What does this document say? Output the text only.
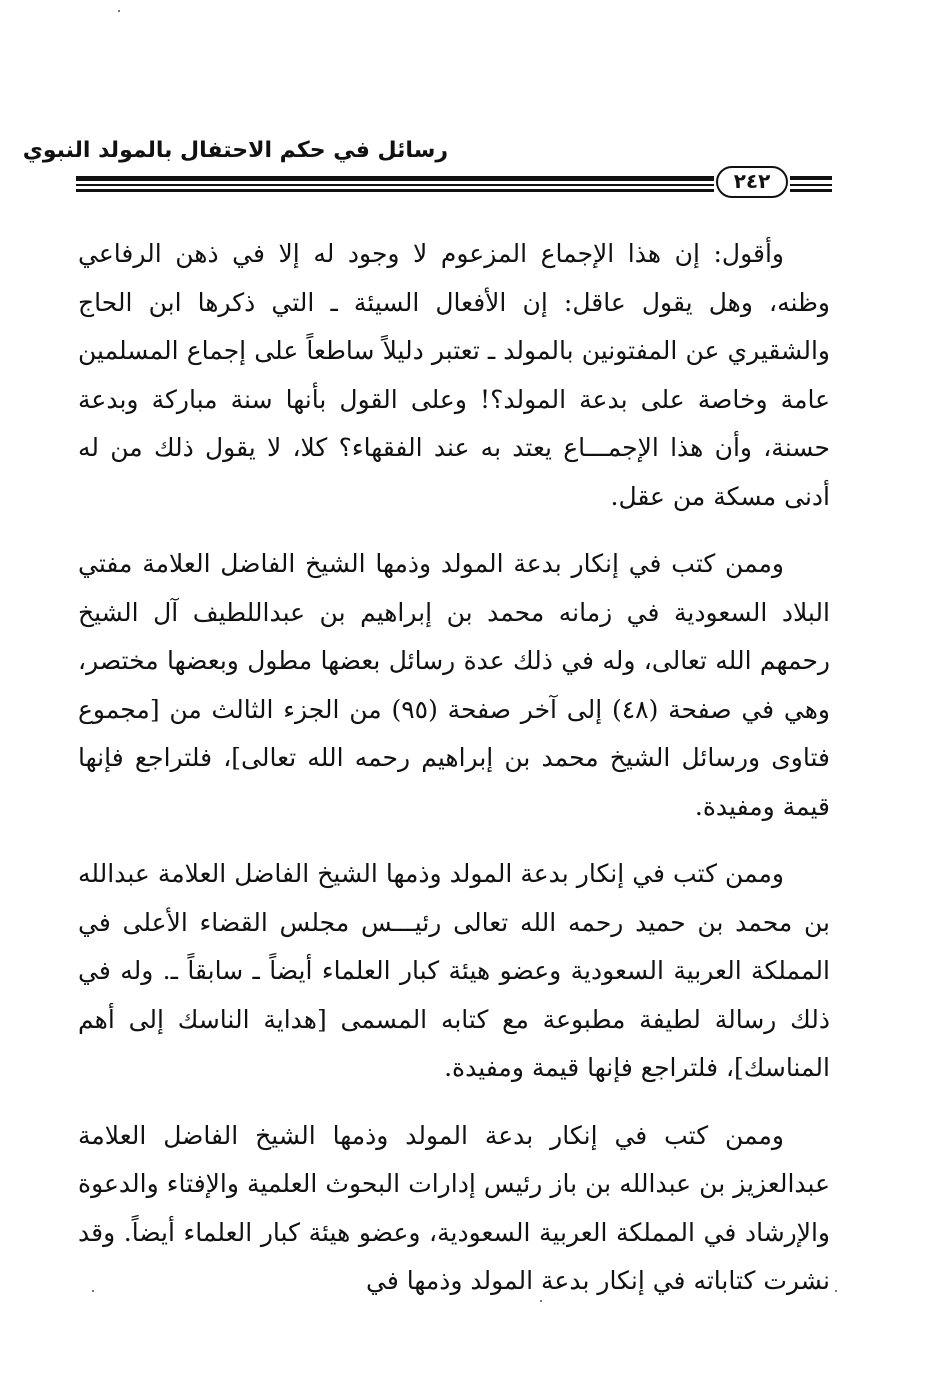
رسائل في حكم الاحتفال بالمولد النبوي
٢٤٢

وأقول: إن هذا الإجماع المزعوم لا وجود له إلا في ذهن الرفاعي وظنه، وهل يقول عاقل: إن الأفعال السيئة ـ التي ذكرها ابن الحاج والشقيري عن المفتونين بالمولد ـ تعتبر دليلاً ساطعاً على إجماع المسلمين عامة وخاصة على بدعة المولد؟! وعلى القول بأنها سنة مباركة وبدعة حسنة، وأن هذا الإجمـــاع يعتد به عند الفقهاء؟ كلا، لا يقول ذلك من له أدنى مسكة من عقل.

وممن كتب في إنكار بدعة المولد وذمها الشيخ الفاضل العلامة مفتي البلاد السعودية في زمانه محمد بن إبراهيم بن عبداللطيف آل الشيخ رحمهم الله تعالى، وله في ذلك عدة رسائل بعضها مطول وبعضها مختصر، وهي في صفحة (٤٨) إلى آخر صفحة (٩٥) من الجزء الثالث من [مجموع فتاوى ورسائل الشيخ محمد بن إبراهيم رحمه الله تعالى]، فلتراجع فإنها قيمة ومفيدة.

وممن كتب في إنكار بدعة المولد وذمها الشيخ الفاضل العلامة عبدالله بن محمد بن حميد رحمه الله تعالى رئيـــس مجلس القضاء الأعلى في المملكة العربية السعودية وعضو هيئة كبار العلماء أيضاً ـ سابقاً ـ. وله في ذلك رسالة لطيفة مطبوعة مع كتابه المسمى [هداية الناسك إلى أهم المناسك]، فلتراجع فإنها قيمة ومفيدة.

وممن كتب في إنكار بدعة المولد وذمها الشيخ الفاضل العلامة عبدالعزيز بن عبدالله بن باز رئيس إدارات البحوث العلمية والإفتاء والدعوة والإرشاد في المملكة العربية السعودية، وعضو هيئة كبار العلماء أيضاً. وقد نشرت كتاباته في إنكار بدعة المولد وذمها في
